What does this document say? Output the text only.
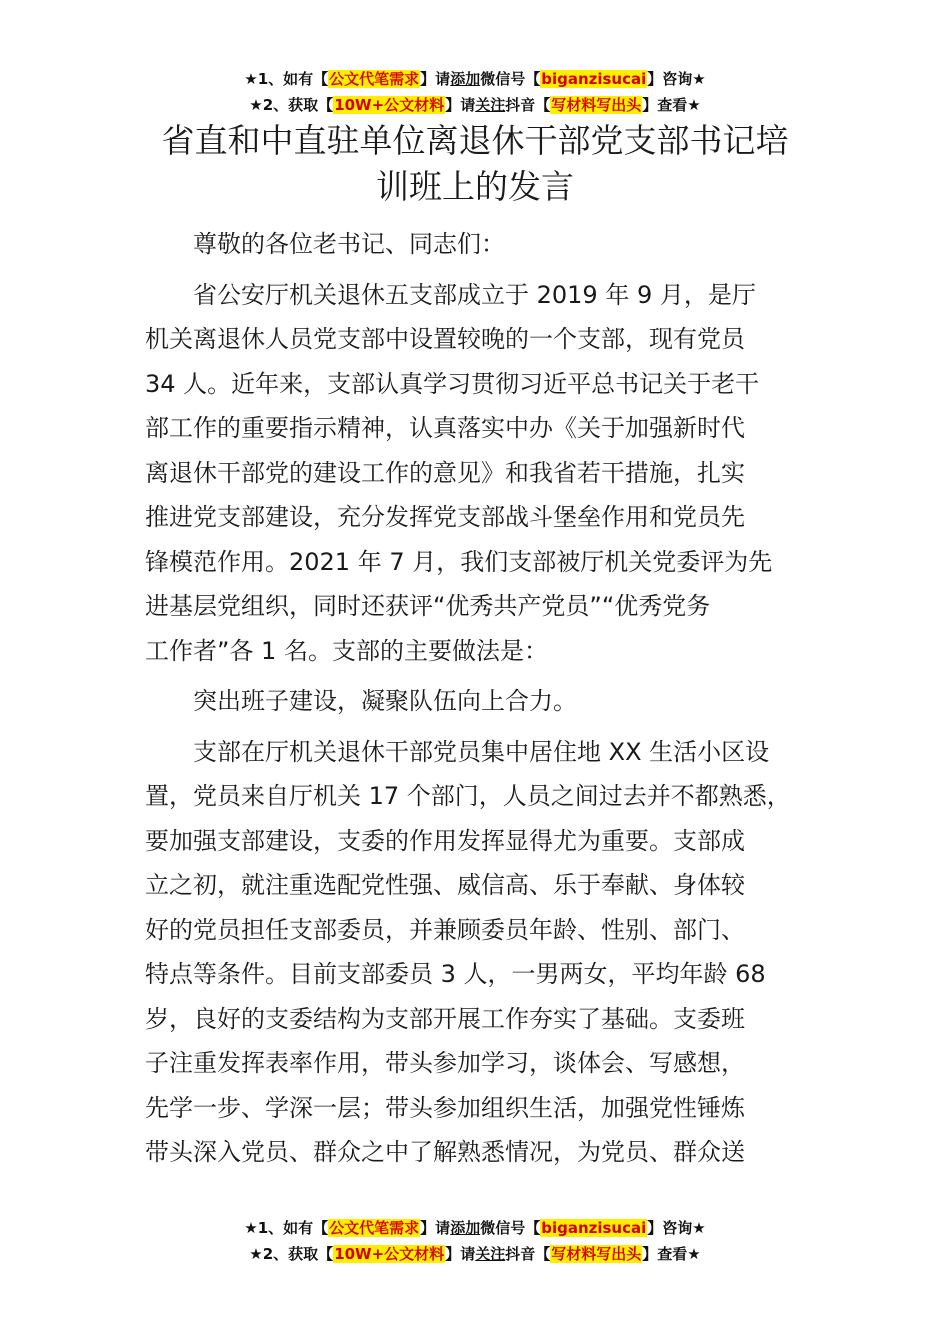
★1、如有【公文代笔需求】请添加微信号【biganzisucai】咨询★
★2、获取【10W+公文材料】请关注抖音【写材料写出头】查看★
省直和中直驻单位离退休干部党支部书记培
训班上的发言

　　尊敬的各位老书记、同志们：

　　省公安厅机关退休五支部成立于 2019 年 9 月，是厅

机关离退休人员党支部中设置较晚的一个支部，现有党员

34 人。近年来，支部认真学习贯彻习近平总书记关于老干

部工作的重要指示精神，认真落实中办《关于加强新时代

离退休干部党的建设工作的意见》和我省若干措施，扎实

推进党支部建设，充分发挥党支部战斗堡垒作用和党员先

锋模范作用。2021 年 7 月，我们支部被厅机关党委评为先

进基层党组织，同时还获评“优秀共产党员”“优秀党务

工作者”各 1 名。支部的主要做法是：

　　突出班子建设，凝聚队伍向上合力。

　　支部在厅机关退休干部党员集中居住地 XX 生活小区设

置，党员来自厅机关 17 个部门，人员之间过去并不都熟悉，

要加强支部建设，支委的作用发挥显得尤为重要。支部成

立之初，就注重选配党性强、威信高、乐于奉献、身体较

好的党员担任支部委员，并兼顾委员年龄、性别、部门、

特点等条件。目前支部委员 3 人，一男两女，平均年龄 68

岁，良好的支委结构为支部开展工作夯实了基础。支委班

子注重发挥表率作用，带头参加学习，谈体会、写感想，

先学一步、学深一层；带头参加组织生活，加强党性锤炼

带头深入党员、群众之中了解熟悉情况，为党员、群众送

★1、如有【公文代笔需求】请添加微信号【biganzisucai】咨询★
★2、获取【10W+公文材料】请关注抖音【写材料写出头】查看★
